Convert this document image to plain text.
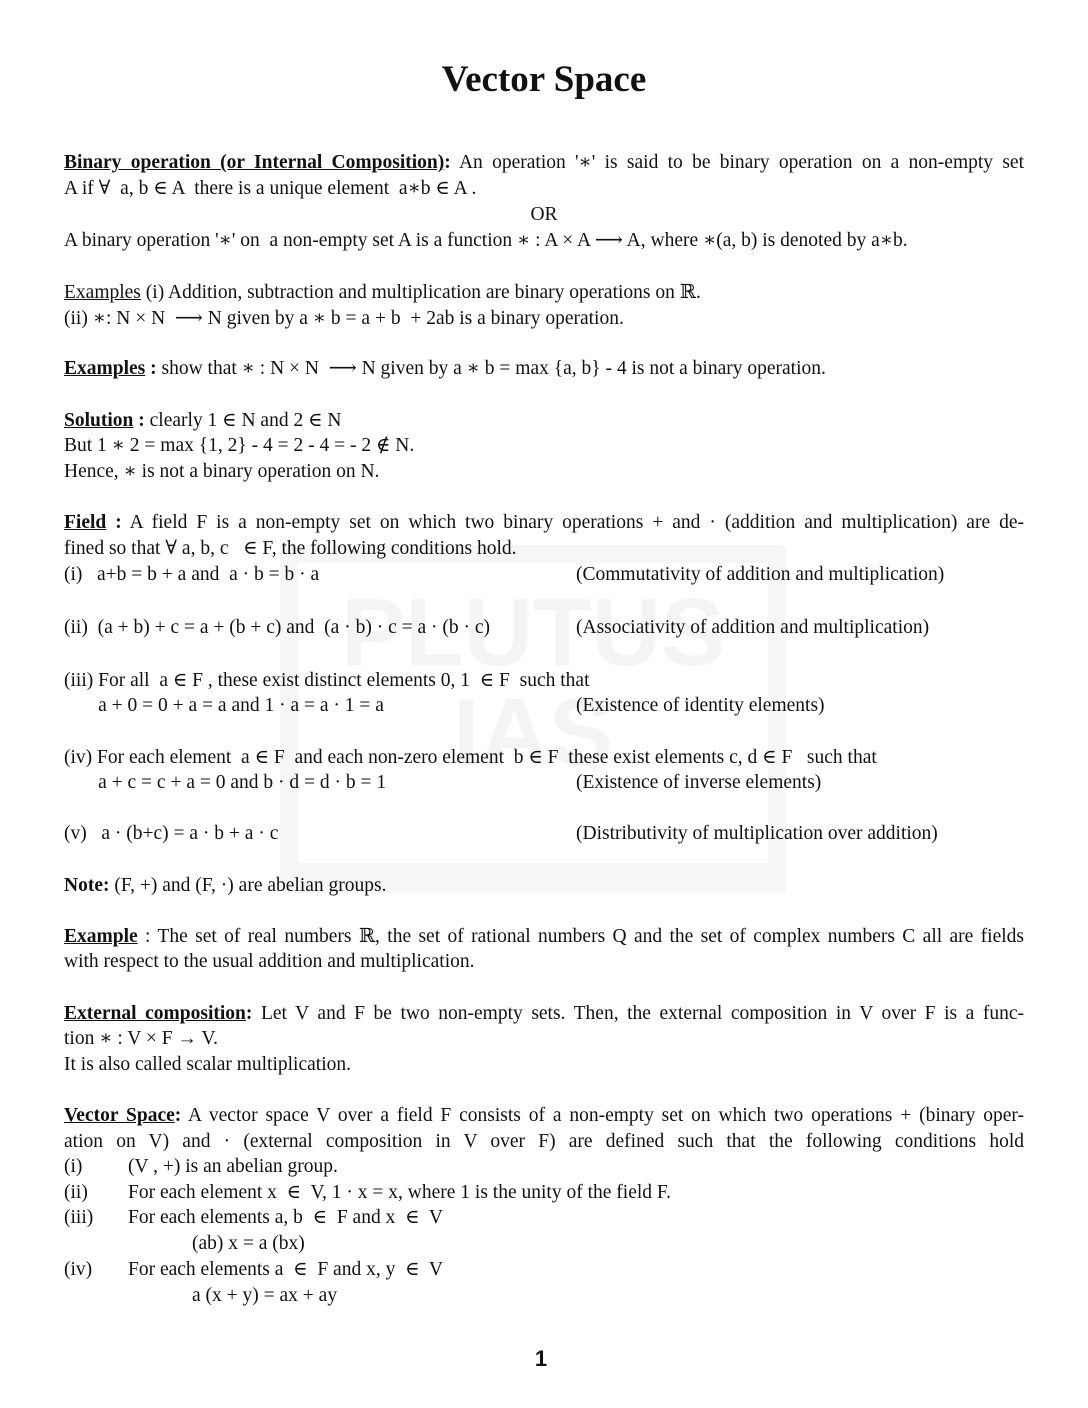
Vector Space
Binary operation (or Internal Composition): An operation '∗' is said to be binary operation on a non-empty set
A if ∀  a, b ∈ A  there is a unique element  a∗b ∈ A .
OR
A binary operation '∗' on  a non-empty set A is a function ∗ : A × A ⟶ A, where ∗(a, b) is denoted by a∗b.
Examples (i) Addition, subtraction and multiplication are binary operations on ℝ.
(ii) ∗: N × N  ⟶ N given by a ∗ b = a + b  + 2ab is a binary operation.
Examples : show that ∗ : N × N  ⟶ N given by a ∗ b = max {a, b} - 4 is not a binary operation.
Solution : clearly 1 ∈ N and 2 ∈ N
But 1 ∗ 2 = max {1, 2} - 4 = 2 - 4 = - 2 ∉ N.
Hence, ∗ is not a binary operation on N.
Field : A field F is a non-empty set on which two binary operations + and · (addition and multiplication) are de-
fined so that ∀ a, b, c   ∈ F, the following conditions hold.
(i)   a+b = b + a and  a · b = b · a	(Commutativity of addition and multiplication)
(ii)  (a + b) + c = a + (b + c) and  (a · b) · c = a · (b · c)	(Associativity of addition and multiplication)
(iii) For all  a ∈ F , these exist distinct elements 0, 1  ∈ F  such that
a + 0 = 0 + a = a and 1 · a = a · 1 = a	(Existence of identity elements)
(iv) For each element  a ∈ F  and each non-zero element  b ∈ F  these exist elements c, d ∈ F   such that
a + c = c + a = 0 and b · d = d · b = 1	(Existence of inverse elements)
(v)   a · (b+c) = a · b + a · c	(Distributivity of multiplication over addition)
Note: (F, +) and (F, ·) are abelian groups.
Example : The set of real numbers ℝ, the set of rational numbers Q and the set of complex numbers C all are fields
with respect to the usual addition and multiplication.
External composition: Let V and F be two non-empty sets. Then, the external composition in V over F is a func-
tion ∗ : V × F → V.
It is also called scalar multiplication.
Vector Space: A vector space V over a field F consists of a non-empty set on which two operations + (binary oper-
ation on V) and · (external composition in V over F) are defined such that the following conditions hold
(i) (V , +) is an abelian group.
(ii) For each element x  ∈  V, 1 · x = x, where 1 is the unity of the field F.
(iii) For each elements a, b  ∈  F and x  ∈  V
(ab) x = a (bx)
(iv) For each elements a  ∈  F and x, y  ∈  V
a (x + y) = ax + ay
1
